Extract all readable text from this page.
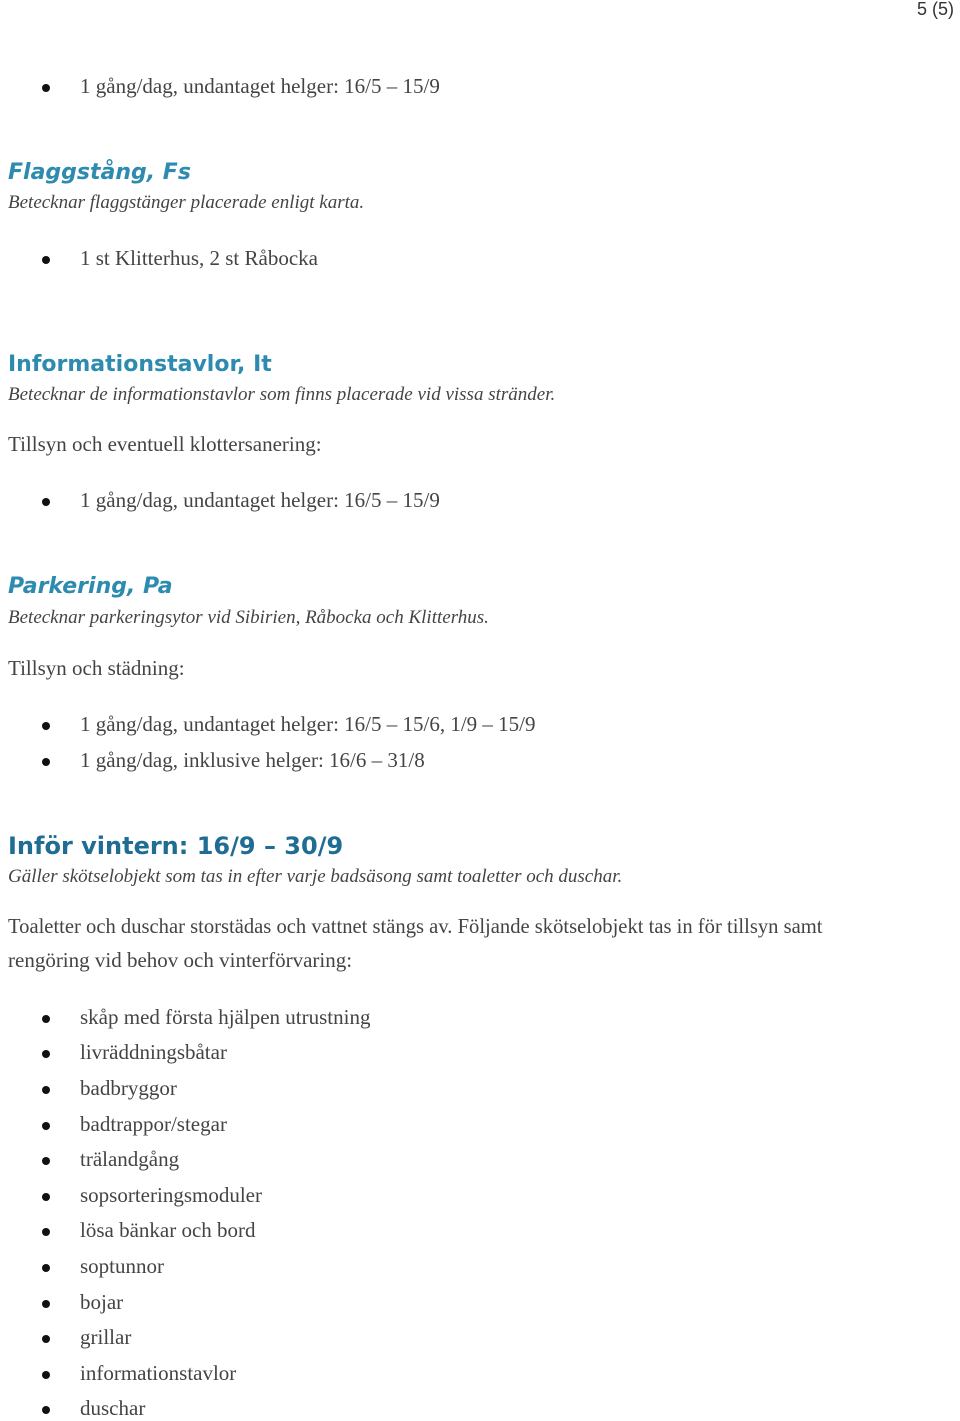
5 (5)
1 gång/dag, undantaget helger: 16/5 – 15/9
Flaggstång, Fs
Betecknar flaggstänger placerade enligt karta.
1 st Klitterhus, 2 st Råbocka
Informationstavlor, It
Betecknar de informationstavlor som finns placerade vid vissa stränder.
Tillsyn och eventuell klottersanering:
1 gång/dag, undantaget helger: 16/5 – 15/9
Parkering, Pa
Betecknar parkeringsytor vid Sibirien, Råbocka och Klitterhus.
Tillsyn och städning:
1 gång/dag, undantaget helger: 16/5 – 15/6, 1/9 – 15/9
1 gång/dag, inklusive helger: 16/6 – 31/8
Inför vintern: 16/9 – 30/9
Gäller skötselobjekt som tas in efter varje badsäsong samt toaletter och duschar.
Toaletter och duschar storstädas och vattnet stängs av. Följande skötselobjekt tas in för tillsyn samt
rengöring vid behov och vinterförvaring:
skåp med första hjälpen utrustning
livräddningsbåtar
badbryggor
badtrappor/stegar
trälandgång
sopsorteringsmoduler
lösa bänkar och bord
soptunnor
bojar
grillar
informationstavlor
duschar
